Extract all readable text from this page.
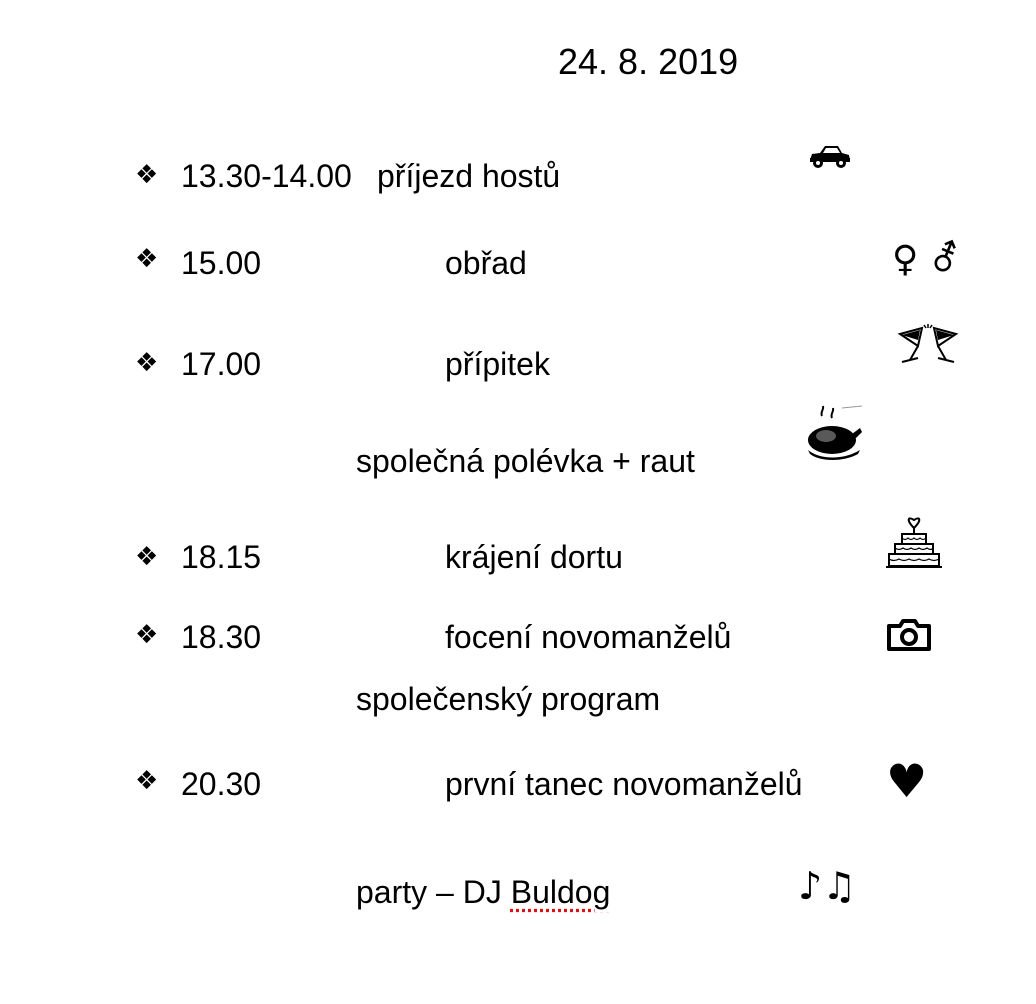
24. 8. 2019
❖ 13.30-14.00 příjezd hostů
❖ 15.00	obřad	♀ ⚦
❖ 17.00	přípitek
společná polévka + raut
❖ 18.15	krájení dortu
❖ 18.30	focení novomanželů
společenský program
❖ 20.30	první tanec novomanželů ♥
party – DJ Buldog	♪♫
